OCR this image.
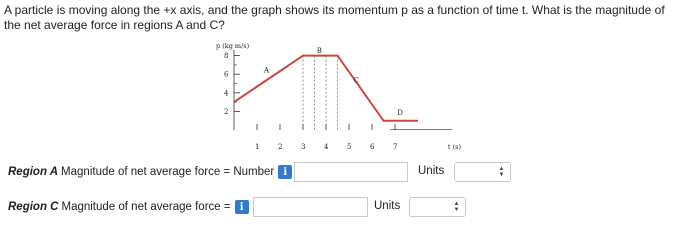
A particle is moving along the +x axis, and the graph shows its momentum p as a function of time t. What is the magnitude of the net average force in regions A and C?
p (kg m/s)
8
6
4
2
1	2	3	4	5	6	7	t (s)
A
B
C
D
Region A Magnitude of net average force = Number i	Units	▲
▼
Region C Magnitude of net average force = i	Units	▲
▼
